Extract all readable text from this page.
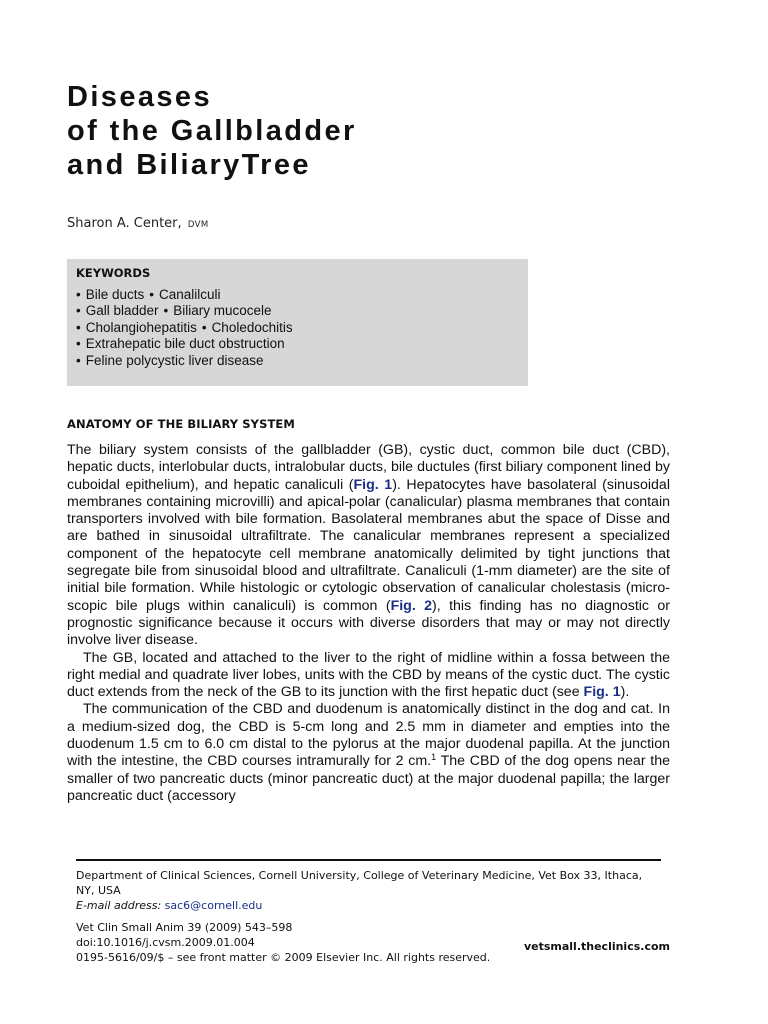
Diseases
of the Gallbladder
and BiliaryTree
Sharon A. Center, DVM
KEYWORDS
• Bile ducts • Canalilculi
• Gall bladder • Biliary mucocele
• Cholangiohepatitis • Choledochitis
• Extrahepatic bile duct obstruction
• Feline polycystic liver disease
ANATOMY OF THE BILIARY SYSTEM

The biliary system consists of the gallbladder (GB), cystic duct, common bile duct (CBD), hepatic ducts, interlobular ducts, intralobular ducts, bile ductules (first biliary component lined by cuboidal epithelium), and hepatic canaliculi (Fig. 1). Hepatocytes have basolateral (sinusoidal membranes containing microvilli) and apical-polar (canalicular) plasma membranes that contain transporters involved with bile formation. Basolateral membranes abut the space of Disse and are bathed in sinusoidal ultrafiltrate. The canalicular membranes represent a specialized component of the hepatocyte cell membrane anatomically delimited by tight junctions that segregate bile from sinusoidal blood and ultrafiltrate. Canaliculi (1-mm diameter) are the site of initial bile formation. While histologic or cytologic observation of canalicular cholestasis (microscopic bile plugs within canaliculi) is common (Fig. 2), this finding has no diagnostic or prognostic significance because it occurs with diverse disorders that may or may not directly involve liver disease.

The GB, located and attached to the liver to the right of midline within a fossa between the right medial and quadrate liver lobes, units with the CBD by means of the cystic duct. The cystic duct extends from the neck of the GB to its junction with the first hepatic duct (see Fig. 1).

The communication of the CBD and duodenum is anatomically distinct in the dog and cat. In a medium-sized dog, the CBD is 5-cm long and 2.5 mm in diameter and empties into the duodenum 1.5 cm to 6.0 cm distal to the pylorus at the major duodenal papilla. At the junction with the intestine, the CBD courses intramurally for 2 cm.$^1$ The CBD of the dog opens near the smaller of two pancreatic ducts (minor pancreatic duct) at the major duodenal papilla; the larger pancreatic duct (accessory

Department of Clinical Sciences, Cornell University, College of Veterinary Medicine, Vet Box 33, Ithaca, NY, USA
E-mail address: sac6@cornell.edu
Vet Clin Small Anim 39 (2009) 543–598
doi:10.1016/j.cvsm.2009.01.004
0195-5616/09/$ – see front matter © 2009 Elsevier Inc. All rights reserved.
vetsmall.theclinics.com
